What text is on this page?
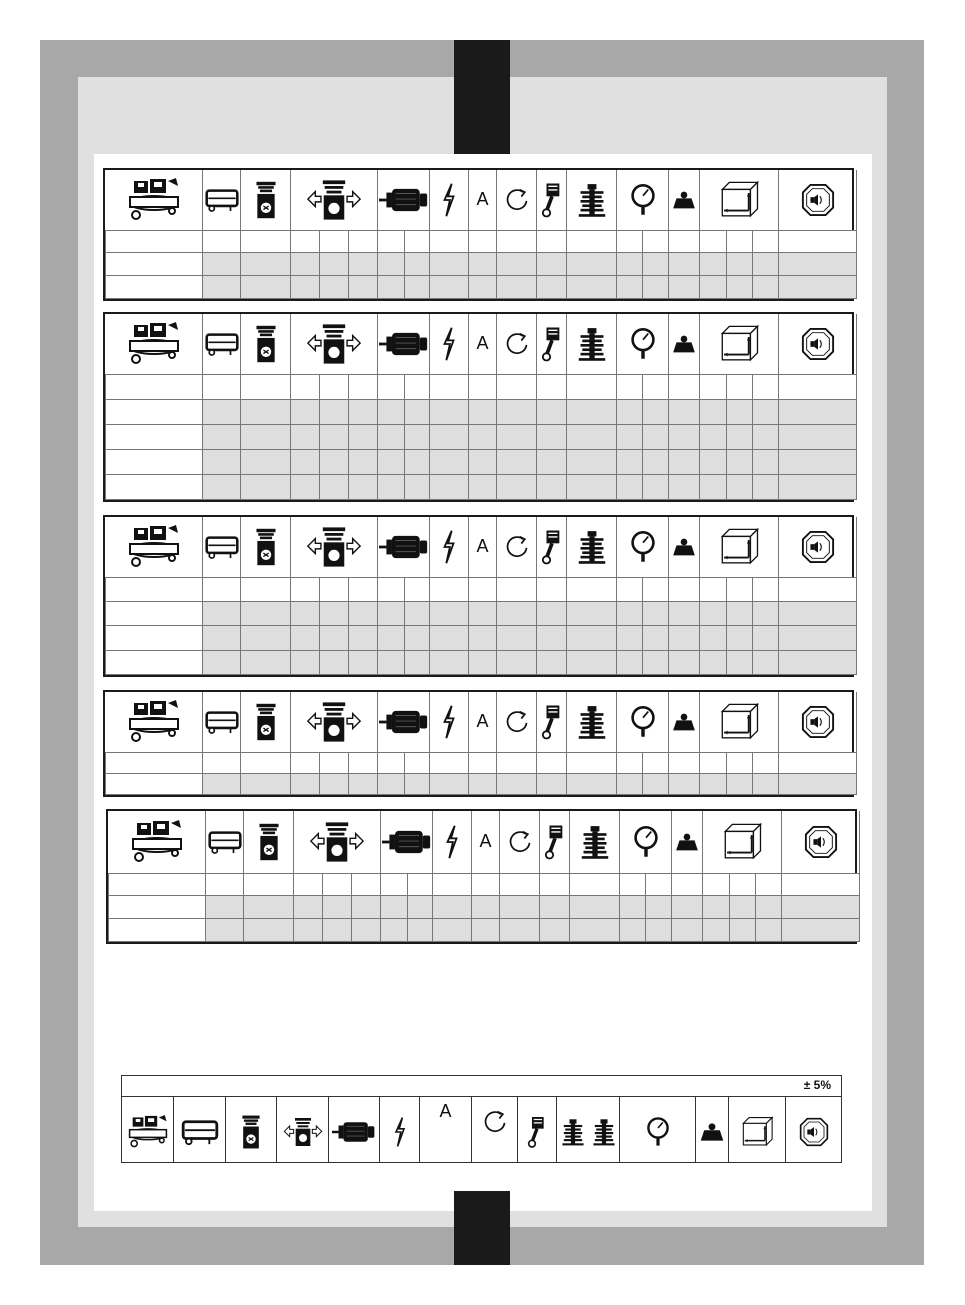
	A	

	A	

	A	

	A	

	A	

± 5%
A
